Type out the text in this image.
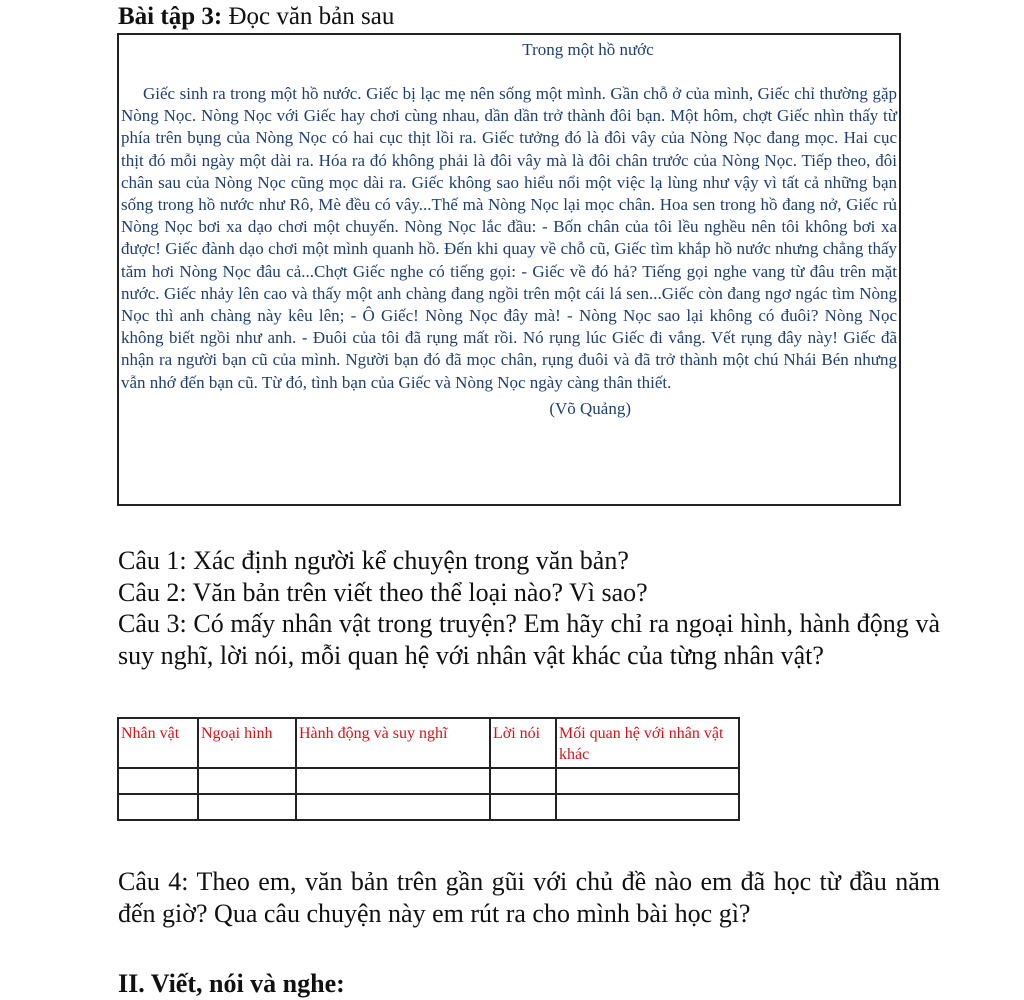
Bài tập 3: Đọc văn bản sau
Trong một hồ nước
Giếc sinh ra trong một hồ nước. Giếc bị lạc mẹ nên sống một mình. Gần chỗ ở của mình, Giếc chỉ thường gặp Nòng Nọc. Nòng Nọc với Giếc hay chơi cùng nhau, dần dần trở thành đôi bạn. Một hôm, chợt Giếc nhìn thấy từ phía trên bụng của Nòng Nọc có hai cục thịt lồi ra. Giếc tưởng đó là đôi vây của Nòng Nọc đang mọc. Hai cục thịt đó mỗi ngày một dài ra. Hóa ra đó không phải là đôi vây mà là đôi chân trước của Nòng Nọc. Tiếp theo, đôi chân sau của Nòng Nọc cũng mọc dài ra. Giếc không sao hiểu nổi một việc lạ lùng như vậy vì tất cả những bạn sống trong hồ nước như Rô, Mè đều có vây...Thế mà Nòng Nọc lại mọc chân. Hoa sen trong hồ đang nở, Giếc rủ Nòng Nọc bơi xa dạo chơi một chuyến. Nòng Nọc lắc đầu: - Bốn chân của tôi lều nghều nên tôi không bơi xa được! Giếc đành dạo chơi một mình quanh hồ. Đến khi quay về chỗ cũ, Giếc tìm khắp hồ nước nhưng chẳng thấy tăm hơi Nòng Nọc đâu cả...Chợt Giếc nghe có tiếng gọi: - Giếc về đó hả? Tiếng gọi nghe vang từ đâu trên mặt nước. Giếc nhảy lên cao và thấy một anh chàng đang ngồi trên một cái lá sen...Giếc còn đang ngơ ngác tìm Nòng Nọc thì anh chàng này kêu lên; - Ô Giếc! Nòng Nọc đây mà! - Nòng Nọc sao lại không có đuôi? Nòng Nọc không biết ngồi như anh. - Đuôi của tôi đã rụng mất rồi. Nó rụng lúc Giếc đi vắng. Vết rụng đây này! Giếc đã nhận ra người bạn cũ của mình. Người bạn đó đã mọc chân, rụng đuôi và đã trở thành một chú Nhái Bén nhưng vẫn nhớ đến bạn cũ. Từ đó, tình bạn của Giếc và Nòng Nọc ngày càng thân thiết.
(Võ Quảng)

Câu 1: Xác định người kể chuyện trong văn bản?

Câu 2: Văn bản trên viết theo thể loại nào? Vì sao?

Câu 3: Có mấy nhân vật trong truyện? Em hãy chỉ ra ngoại hình, hành động và suy nghĩ, lời nói, mỗi quan hệ với nhân vật khác của từng nhân vật?

Nhân vật	Ngoại hình	Hành động và suy nghĩ	Lời nói	Mối quan hệ với nhân vật khác

Câu 4: Theo em, văn bản trên gần gũi với chủ đề nào em đã học từ đầu năm đến giờ? Qua câu chuyện này em rút ra cho mình bài học gì?
II. Viết, nói và nghe:
